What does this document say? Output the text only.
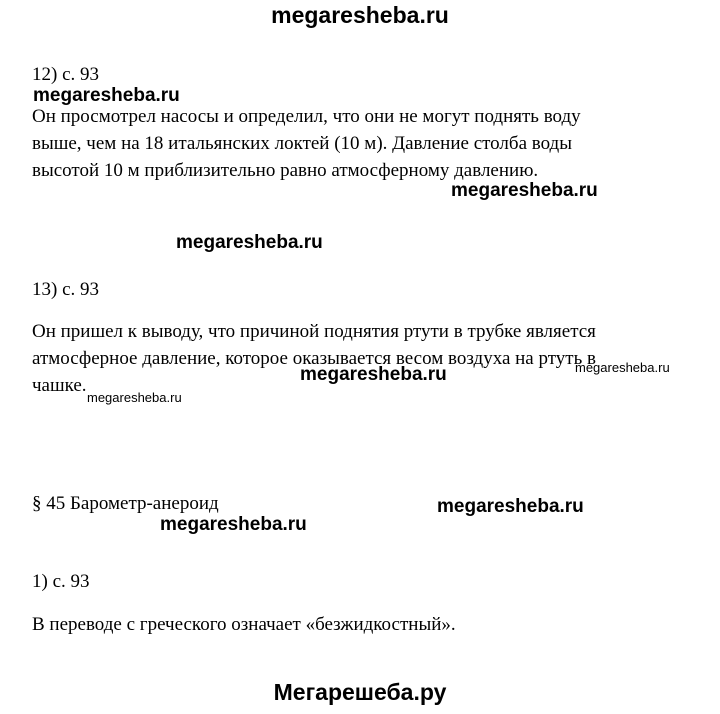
megaresheba.ru
12) с. 93
Он просмотрел насосы и определил, что они не могут поднять воду
выше, чем на 18 итальянских локтей (10 м). Давление столба воды
высотой 10 м приблизительно равно атмосферному давлению.
13) с. 93
Он пришел к выводу, что причиной поднятия ртути в трубке является
атмосферное давление, которое оказывается весом воздуха на ртуть в
чашке.
§ 45 Барометр-анероид
1) с. 93
В переводе с греческого означает «безжидкостный».
megaresheba.ru
megaresheba.ru
megaresheba.ru
megaresheba.ru
megaresheba.ru
megaresheba.ru
megaresheba.ru
megaresheba.ru
Мегарешеба.ру
